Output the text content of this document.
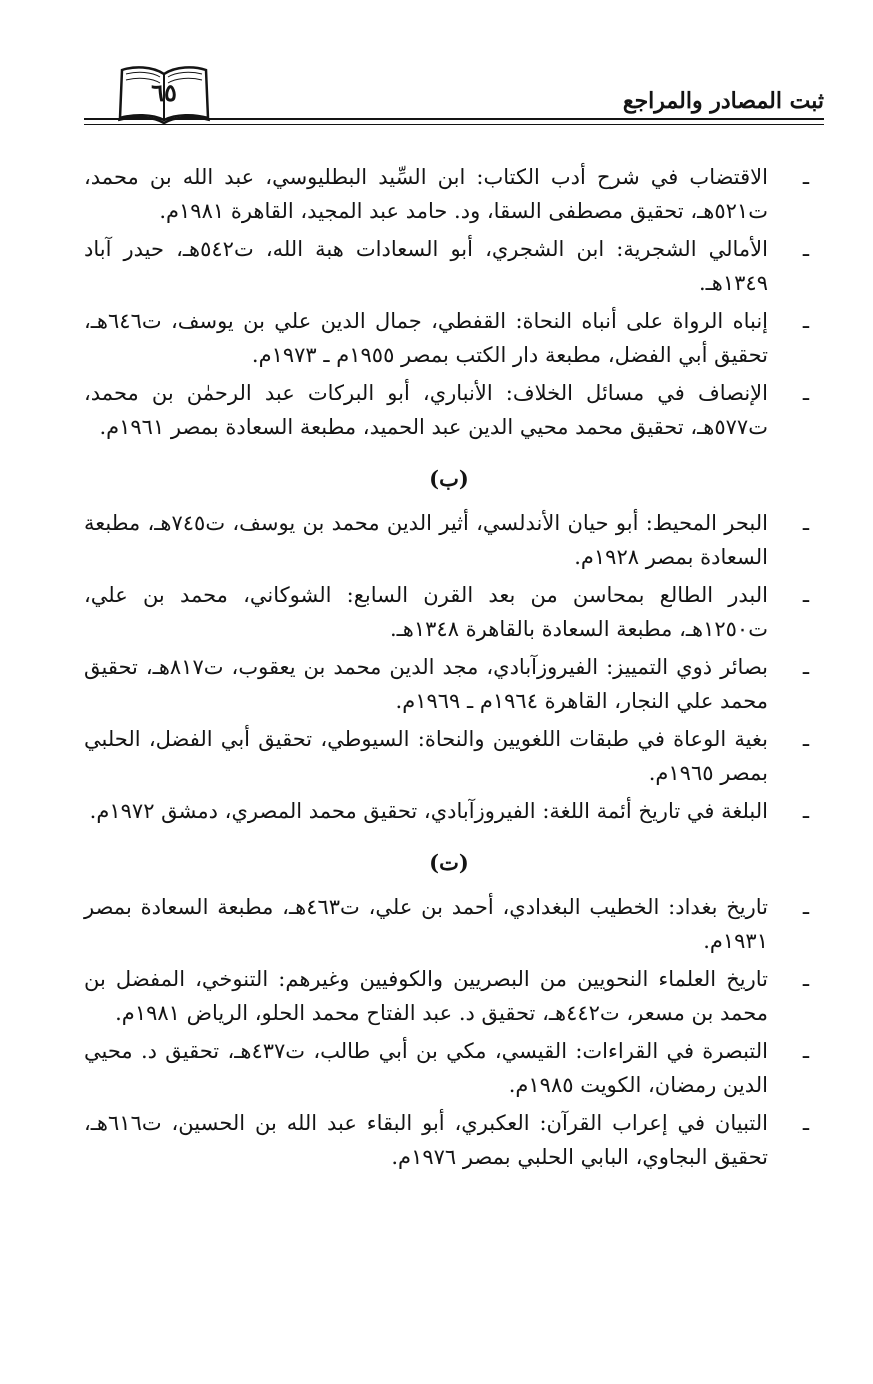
ثبت المصادر والمراجع
٦٥
ـ
الاقتضاب في شرح أدب الكتاب: ابن السِّيد البطليوسي، عبد الله بن محمد، ت٥٢١هـ، تحقيق مصطفى السقا، ود. حامد عبد المجيد، القاهرة ١٩٨١م.
ـ
الأمالي الشجرية: ابن الشجري، أبو السعادات هبة الله، ت٥٤٢هـ، حيدر آباد ١٣٤٩هـ.
ـ
إنباه الرواة على أنباه النحاة: القفطي، جمال الدين علي بن يوسف، ت٦٤٦هـ، تحقيق أبي الفضل، مطبعة دار الكتب بمصر ١٩٥٥م ـ ١٩٧٣م.
ـ
الإنصاف في مسائل الخلاف: الأنباري، أبو البركات عبد الرحمٰن بن محمد، ت٥٧٧هـ، تحقيق محمد محيي الدين عبد الحميد، مطبعة السعادة بمصر ١٩٦١م.
(ب)
ـ
البحر المحيط: أبو حيان الأندلسي، أثير الدين محمد بن يوسف، ت٧٤٥هـ، مطبعة السعادة بمصر ١٩٢٨م.
ـ
البدر الطالع بمحاسن من بعد القرن السابع: الشوكاني، محمد بن علي، ت١٢٥٠هـ، مطبعة السعادة بالقاهرة ١٣٤٨هـ.
ـ
بصائر ذوي التمييز: الفيروزآبادي، مجد الدين محمد بن يعقوب، ت٨١٧هـ، تحقيق محمد علي النجار، القاهرة ١٩٦٤م ـ ١٩٦٩م.
ـ
بغية الوعاة في طبقات اللغويين والنحاة: السيوطي، تحقيق أبي الفضل، الحلبي بمصر ١٩٦٥م.
ـ
البلغة في تاريخ أئمة اللغة: الفيروزآبادي، تحقيق محمد المصري، دمشق ١٩٧٢م.
(ت)
ـ
تاريخ بغداد: الخطيب البغدادي، أحمد بن علي، ت٤٦٣هـ، مطبعة السعادة بمصر ١٩٣١م.
ـ
تاريخ العلماء النحويين من البصريين والكوفيين وغيرهم: التنوخي، المفضل بن محمد بن مسعر، ت٤٤٢هـ، تحقيق د. عبد الفتاح محمد الحلو، الرياض ١٩٨١م.
ـ
التبصرة في القراءات: القيسي، مكي بن أبي طالب، ت٤٣٧هـ، تحقيق د. محيي الدين رمضان، الكويت ١٩٨٥م.
ـ
التبيان في إعراب القرآن: العكبري، أبو البقاء عبد الله بن الحسين، ت٦١٦هـ، تحقيق البجاوي، البابي الحلبي بمصر ١٩٧٦م.
